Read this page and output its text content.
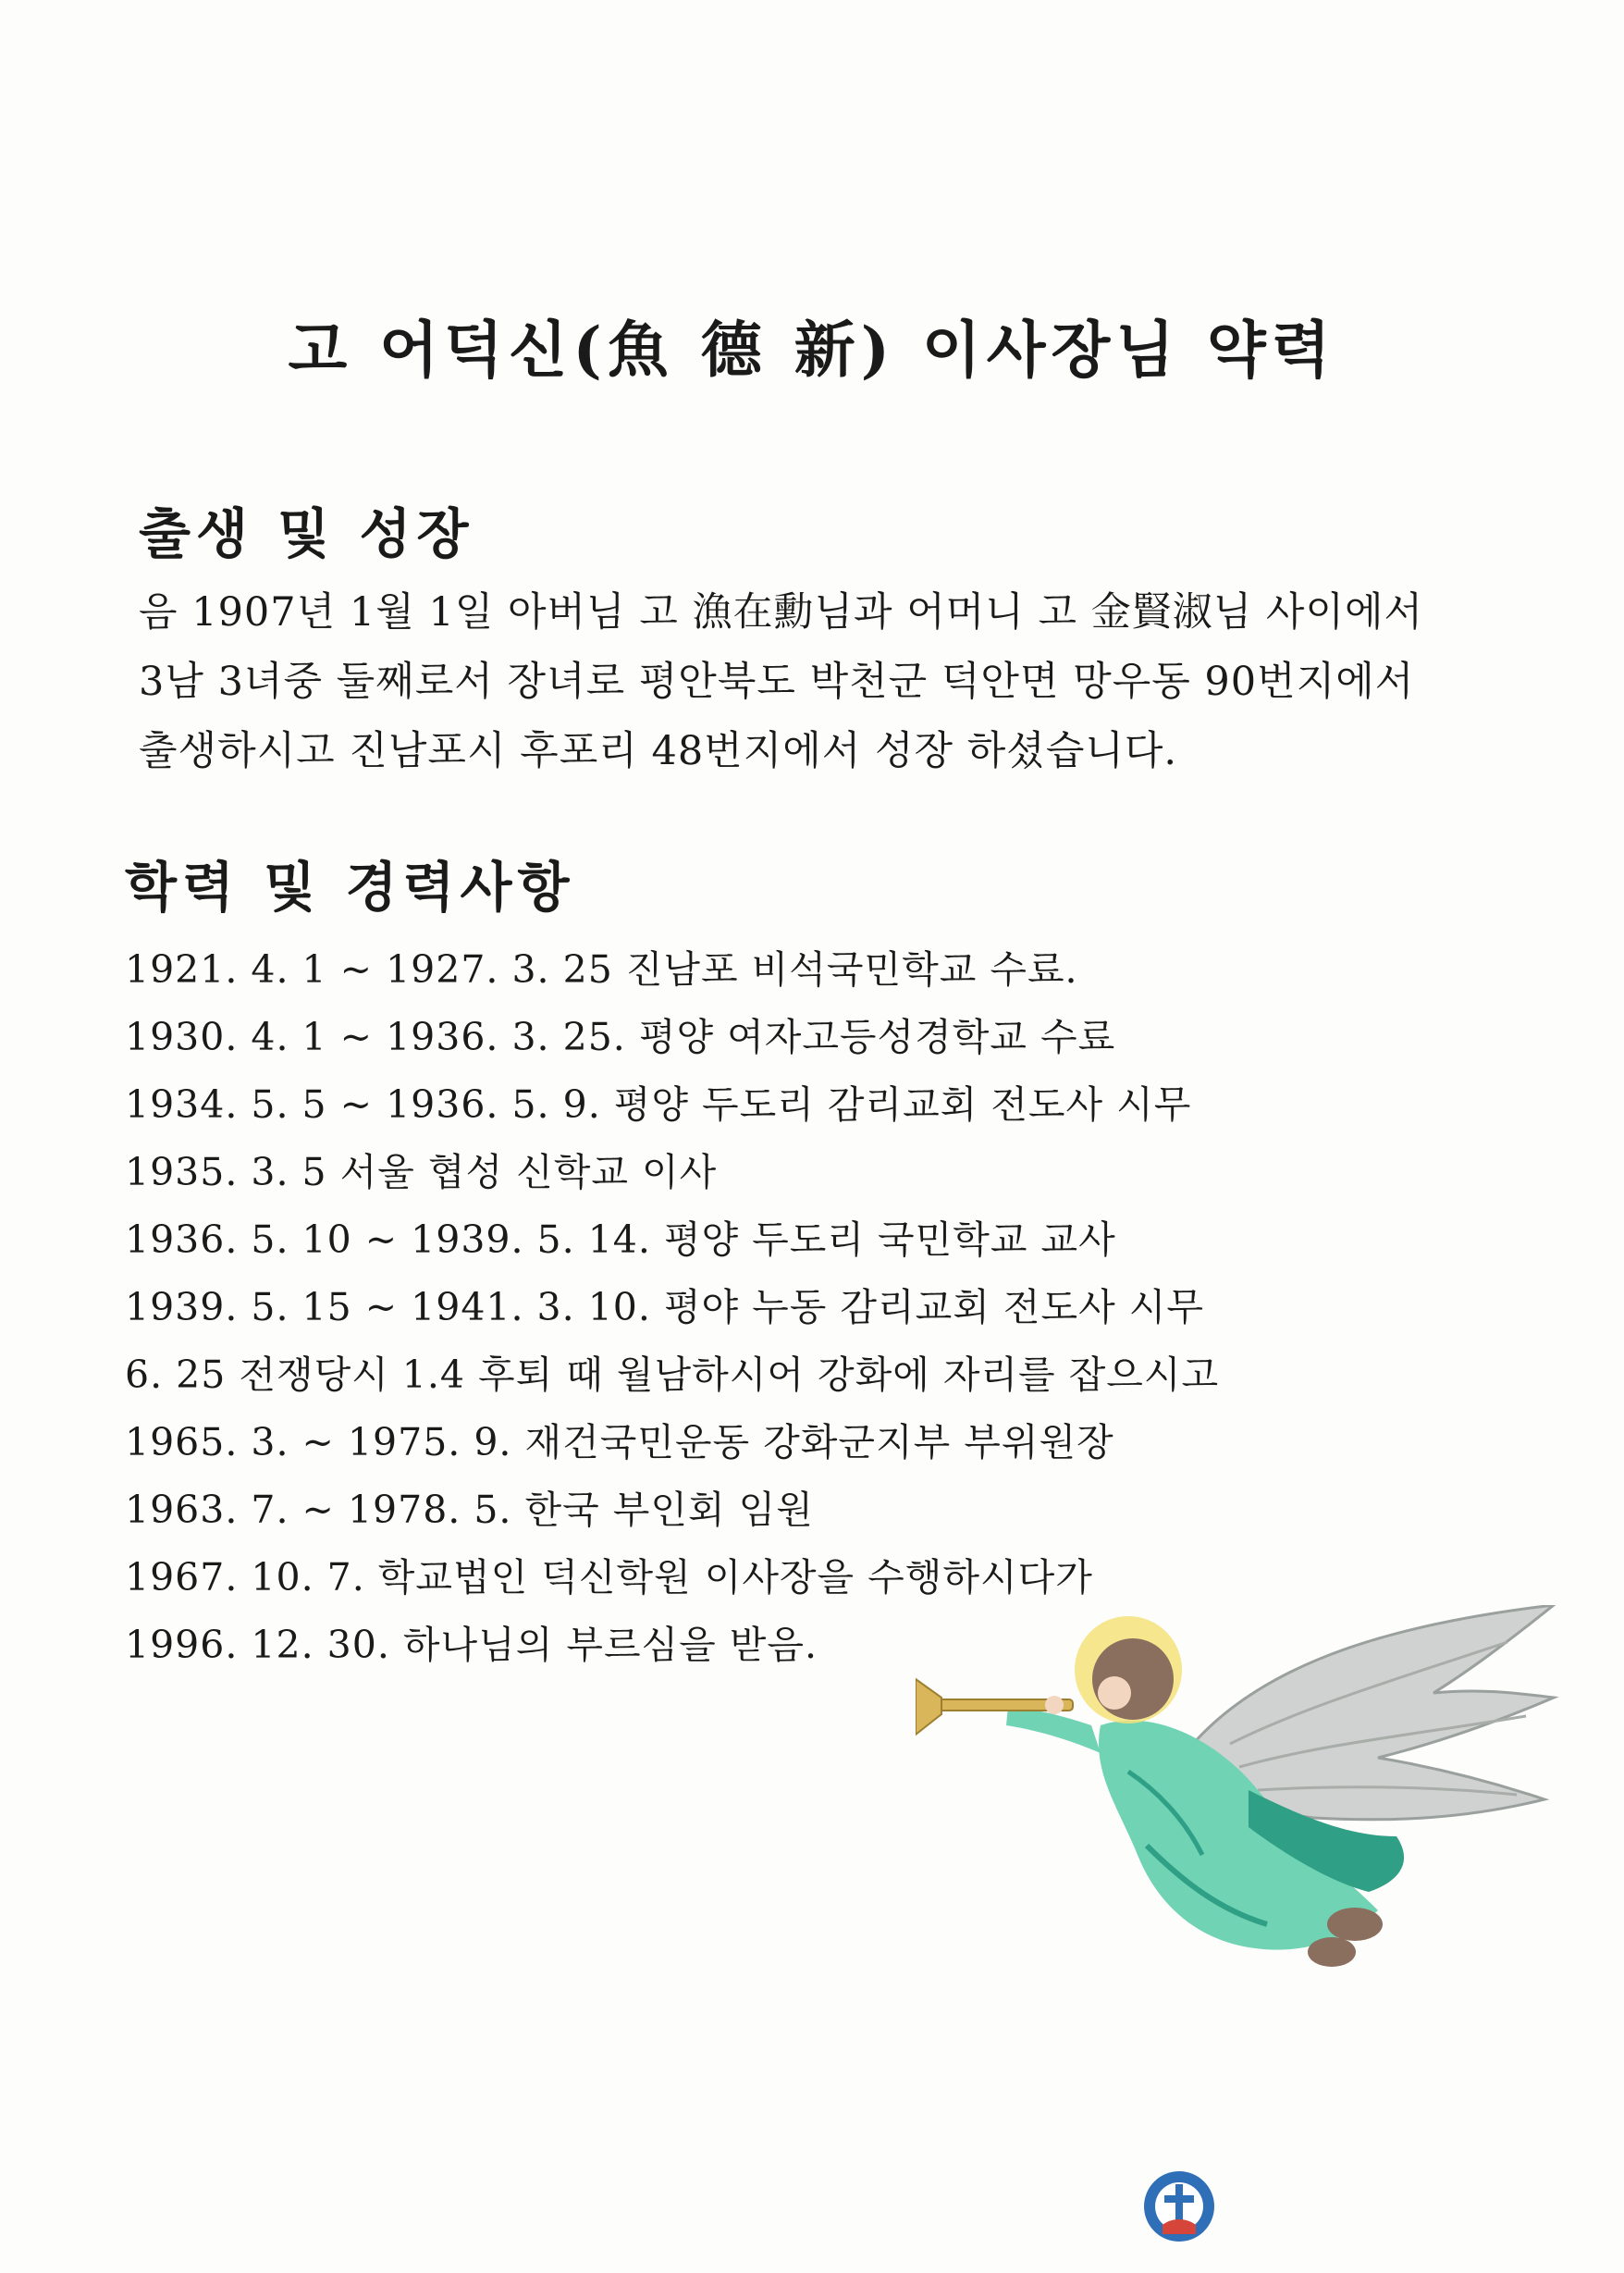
고 어덕신(魚 德 新) 이사장님 약력
출생 및 성장
음 1907년 1월 1일 아버님 고 漁在勳님과 어머니 고 金賢淑님 사이에서
3남 3녀중 둘째로서 장녀로 평안북도 박천군 덕안면 망우동 90번지에서
출생하시고 진남포시 후포리 48번지에서 성장 하셨습니다.
학력 및 경력사항
1921. 4. 1 ~ 1927. 3. 25 진남포 비석국민학교 수료.
1930. 4. 1 ~ 1936. 3. 25. 평양 여자고등성경학교 수료
1934. 5. 5 ~ 1936. 5. 9. 평양 두도리 감리교회 전도사 시무
1935. 3. 5 서울 협성 신학교 이사
1936. 5. 10 ~ 1939. 5. 14. 평양 두도리 국민학교 교사
1939. 5. 15 ~ 1941. 3. 10. 평야 누동 감리교회 전도사 시무
6. 25 전쟁당시 1.4 후퇴 때 월남하시어 강화에 자리를 잡으시고
1965. 3. ~ 1975. 9. 재건국민운동 강화군지부 부위원장
1963. 7. ~ 1978. 5. 한국 부인회 임원
1967. 10. 7. 학교법인 덕신학원 이사장을 수행하시다가
1996. 12. 30. 하나님의 부르심을 받음.
